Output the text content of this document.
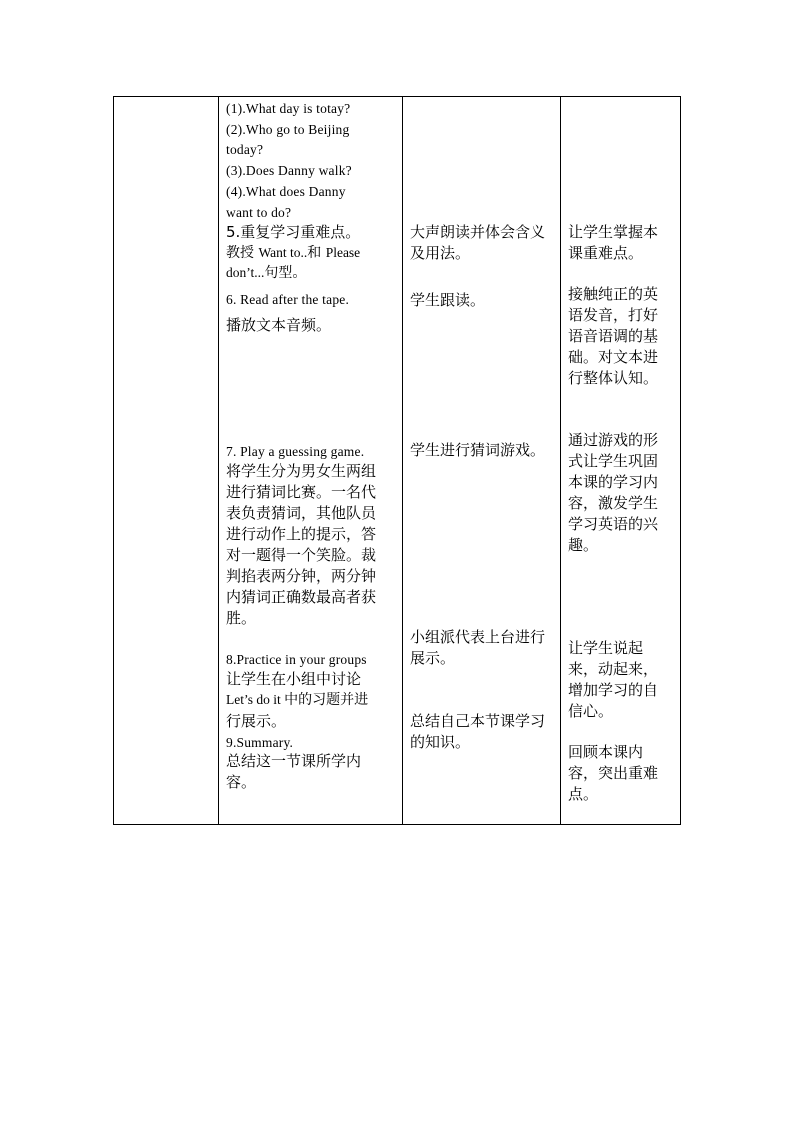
(1).What day is totay?
(2).Who go to Beijing
today?
(3).Does Danny walk?
(4).What does Danny
want to do?
5.重复学习重难点。
教授 Want to..和 Please
don’t...句型。
6. Read after the tape.
播放文本音频。
7. Play a guessing game.
将学生分为男女生两组
进行猜词比赛。一名代
表负责猜词，其他队员
进行动作上的提示，答
对一题得一个笑脸。裁
判掐表两分钟，两分钟
内猜词正确数最高者获
胜。
8.Practice in your groups
让学生在小组中讨论
Let’s do it 中的习题并进
行展示。
9.Summary.
总结这一节课所学内
容。
大声朗读并体会含义
及用法。
学生跟读。
学生进行猜词游戏。
小组派代表上台进行
展示。
总结自己本节课学习
的知识。
让学生掌握本
课重难点。
接触纯正的英
语发音，打好
语音语调的基
础。对文本进
行整体认知。
通过游戏的形
式让学生巩固
本课的学习内
容，激发学生
学习英语的兴
趣。
让学生说起
来，动起来，
增加学习的自
信心。
回顾本课内
容，突出重难
点。
